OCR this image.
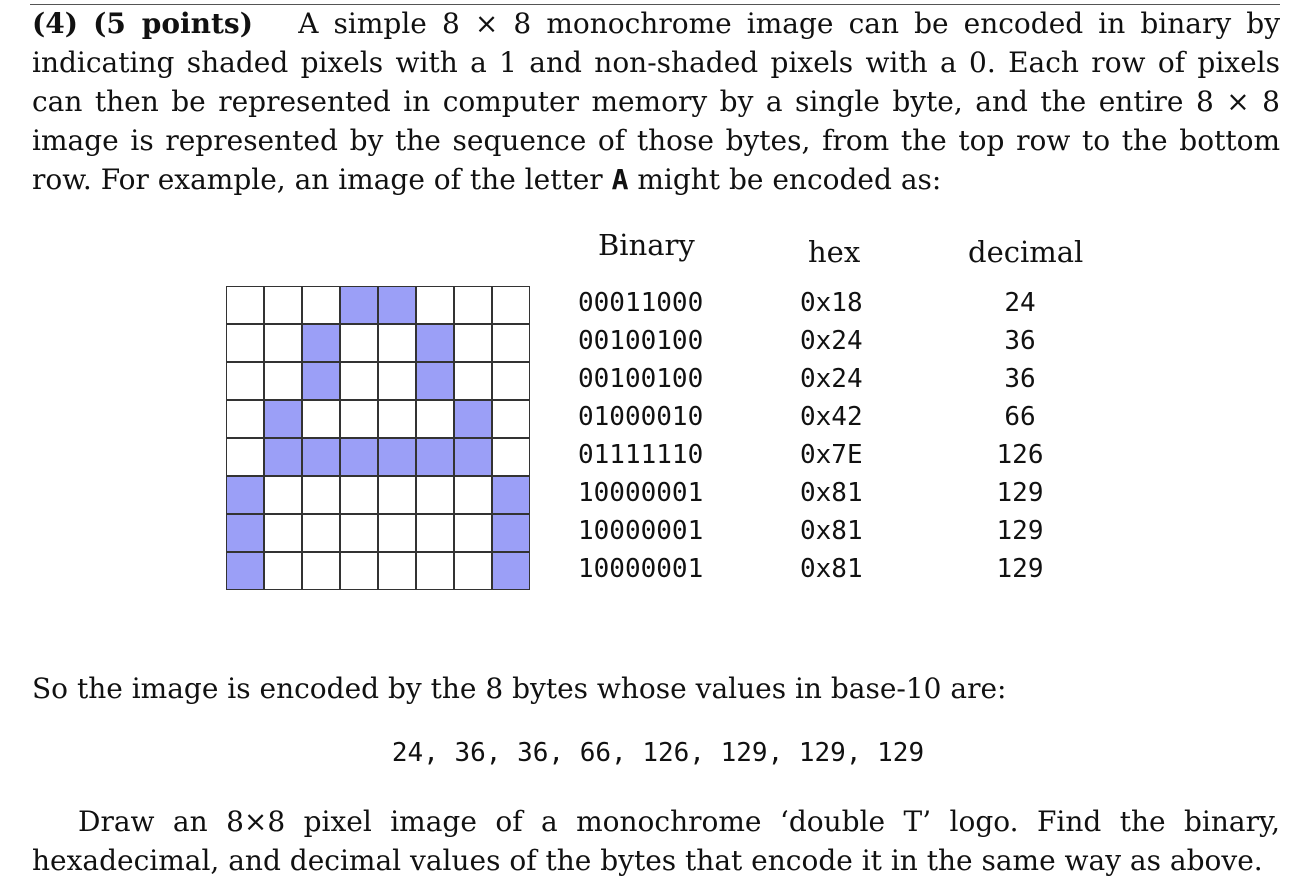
(4) (5 points) A simple 8 × 8 monochrome image can be encoded in binary by indicating shaded pixels with a 1 and non-shaded pixels with a 0. Each row of pixels can then be represented in computer memory by a single byte, and the entire 8 × 8 image is represented by the sequence of those bytes, from the top row to the bottom row. For example, an image of the letter A might be encoded as:

Binary	hex	decimal
00011000	0x18	24
00100100	0x24	36
00100100	0x24	36
01000010	0x42	66
01111110	0x7E	126
10000001	0x81	129
10000001	0x81	129
10000001	0x81	129

So the image is encoded by the 8 bytes whose values in base-10 are:

24, 36, 36, 66, 126, 129, 129, 129

Draw an 8×8 pixel image of a monochrome ‘double T’ logo. Find the binary, hexadecimal, and decimal values of the bytes that encode it in the same way as above.
